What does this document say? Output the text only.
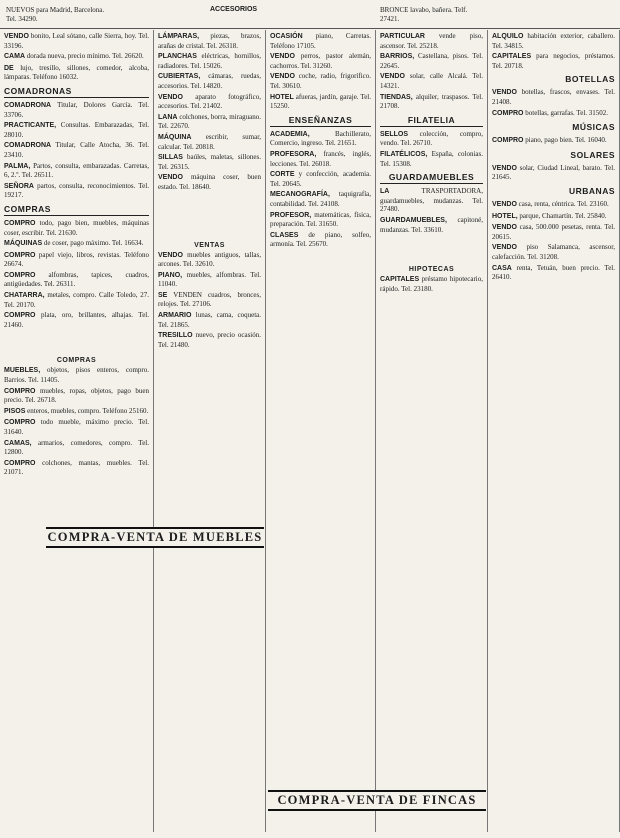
NUEVOS para Madrid, Barcelona. Tel. 34290.
ACCESORIOS	BRONCE lavabo, bañera. Telf. 27421.

VENDO bonito, Leal sótano, calle Sierra, hoy. Tel. 33196.

CAMA dorada nueva, precio mínimo. Tel. 26620.

DE lujo, tresillo, sillones, comedor, alcoba, lámparas. Teléfono 16032.

COMADRONAS

COMADRONA Titular, Dolores García. Tel. 33706.

PRACTICANTE, Consultas. Embarazadas, Tel. 28010.

COMADRONA Titular, Calle Atocha, 36. Tel. 23410.

PALMA, Partos, consulta, embarazadas. Carretas, 6, 2.º. Tel. 26511.

SEÑORA partos, consulta, reconocimientos. Tel. 19217.

COMPRAS

COMPRO todo, pago bien, muebles, máquinas coser, escribir. Tel. 21630.

MÁQUINAS de coser, pago máximo. Tel. 16634.

COMPRO papel viejo, libros, revistas. Teléfono 26674.

COMPRO alfombras, tapices, cuadros, antigüedades. Tel. 26311.

CHATARRA, metales, compro. Calle Toledo, 27. Tel. 20170.

COMPRO plata, oro, brillantes, alhajas. Tel. 21460.

COMPRAS

MUEBLES, objetos, pisos enteros, compro. Barrios. Tel. 11405.

COMPRO muebles, ropas, objetos, pago buen precio. Tel. 26718.

PISOS enteros, muebles, compro. Teléfono 25160.

COMPRO todo mueble, máximo precio. Tel. 31640.

CAMAS, armarios, comedores, compro. Tel. 12800.

COMPRO colchones, mantas, muebles. Tel. 21071.

LÁMPARAS, piezas, brazos, arañas de cristal. Tel. 26318.

PLANCHAS eléctricas, hornillos, radiadores. Tel. 15026.

CUBIERTAS, cámaras, ruedas, accesorios. Tel. 14820.

VENDO aparato fotográfico, accesorios. Tel. 21402.

LANA colchones, borra, miraguano. Tel. 22670.

MÁQUINA escribir, sumar, calcular. Tel. 20818.

SILLAS baúles, maletas, sillones. Tel. 26315.

VENDO máquina coser, buen estado. Tel. 18640.

VENTAS

VENDO muebles antiguos, tallas, arcones. Tel. 32610.

PIANO, muebles, alfombras. Tel. 11040.

SE VENDEN cuadros, bronces, relojes. Tel. 27106.

ARMARIO lunas, cama, coqueta. Tel. 21865.

TRESILLO nuevo, precio ocasión. Tel. 21480.

OCASIÓN piano, Carretas. Teléfono 17105.

VENDO perros, pastor alemán, cachorros. Tel. 31260.

VENDO coche, radio, frigorífico. Tel. 30610.

HOTEL afueras, jardín, garaje. Tel. 15250.

ENSEÑANZAS

ACADEMIA, Bachillerato, Comercio, ingreso. Tel. 21651.

PROFESORA, francés, inglés, lecciones. Tel. 26018.

CORTE y confección, academia. Tel. 20645.

MECANOGRAFÍA, taquigrafía, contabilidad. Tel. 24108.

PROFESOR, matemáticas, física, preparación. Tel. 31650.

CLASES de piano, solfeo, armonía. Tel. 25670.

PARTICULAR vende piso, ascensor. Tel. 25218.

BARRIOS, Castellana, pisos. Tel. 22645.

VENDO solar, calle Alcalá. Tel. 14321.

TIENDAS, alquiler, traspasos. Tel. 21708.

FILATELIA

SELLOS colección, compro, vendo. Tel. 26710.

FILATÉLICOS, España, colonias. Tel. 15308.

GUARDAMUEBLES

LA TRASPORTADORA, guardamuebles, mudanzas. Tel. 27480.

GUARDAMUEBLES, capitoné, mudanzas. Tel. 33610.

HIPOTECAS

CAPITALES préstamo hipotecario, rápido. Tel. 23180.

ALQUILO habitación exterior, caballero. Tel. 34815.

CAPITALES para negocios, préstamos. Tel. 20718.

BOTELLAS

VENDO botellas, frascos, envases. Tel. 21408.

COMPRO botellas, garrafas. Tel. 31502.

MÚSICAS

COMPRO piano, pago bien. Tel. 16040.

SOLARES

VENDO solar, Ciudad Lineal, barato. Tel. 21645.

URBANAS

VENDO casa, renta, céntrica. Tel. 23160.

HOTEL, parque, Chamartín. Tel. 25840.

VENDO casa, 500.000 pesetas, renta. Tel. 20615.

VENDO piso Salamanca, ascensor, calefacción. Tel. 31208.

CASA renta, Tetuán, buen precio. Tel. 26410.

COMPRA-VENTA DE MUEBLES
COMPRA-VENTA DE FINCAS
